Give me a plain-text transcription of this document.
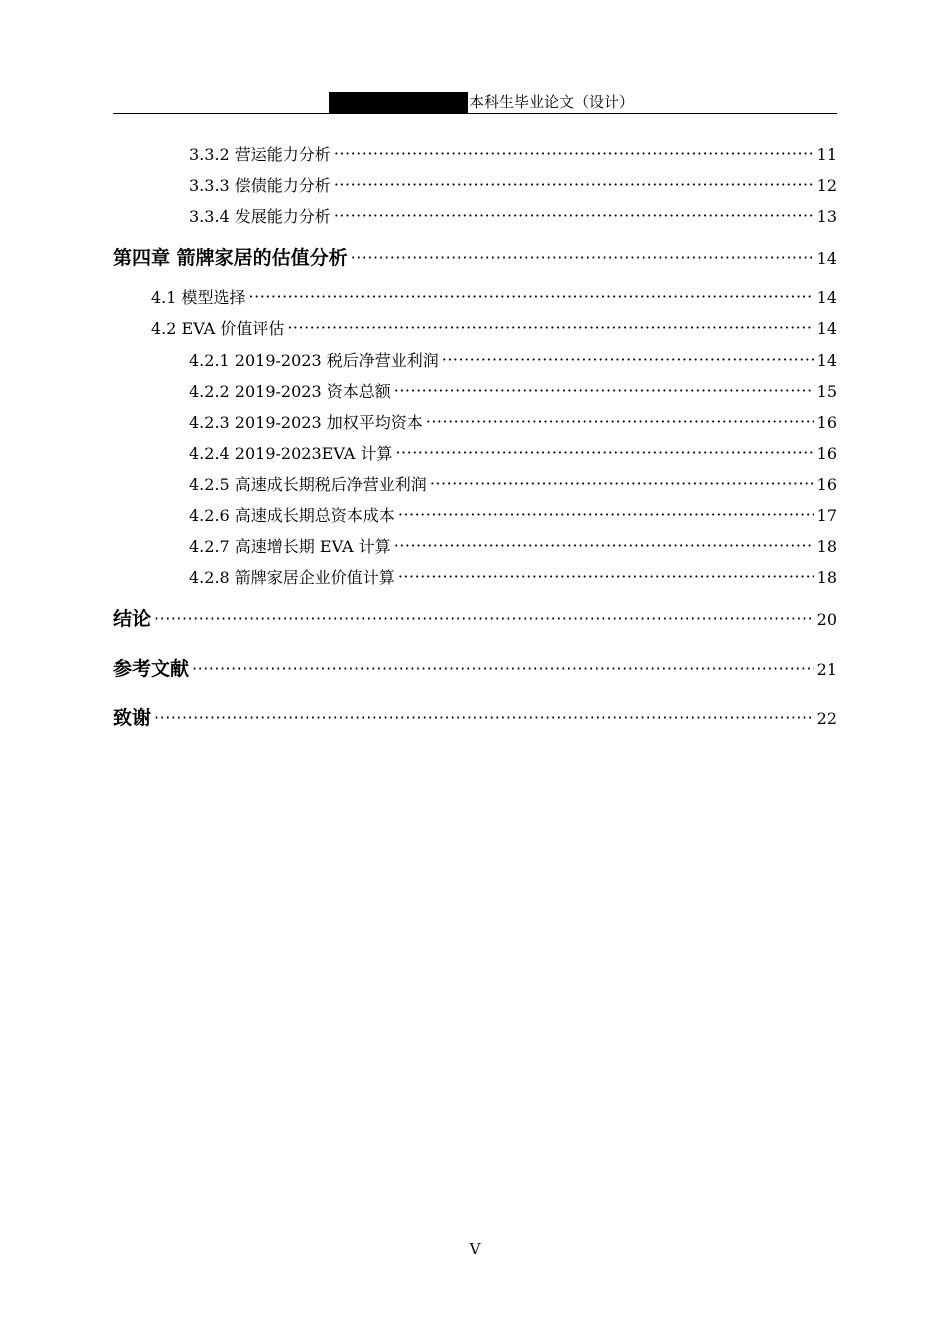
本科生毕业论文（设计）
3.3.2 营运能力分析 ·····	11
3.3.3 偿债能力分析 ·····	12
3.3.4 发展能力分析 ·····	13
第四章 箭牌家居的估值分析 ·····	14
4.1 模型选择 ·····	14
4.2 EVA 价值评估 ·····	14
4.2.1 2019-2023 税后净营业利润 ·····	14
4.2.2 2019-2023 资本总额 ·····	15
4.2.3 2019-2023 加权平均资本 ·····	16
4.2.4 2019-2023EVA 计算 ·····	16
4.2.5 高速成长期税后净营业利润 ·····	16
4.2.6 高速成长期总资本成本 ·····	17
4.2.7 高速增长期 EVA 计算 ·····	18
4.2.8 箭牌家居企业价值计算 ·····	18
结论 ·····	20
参考文献 ·····	21
致谢 ·····	22
V
